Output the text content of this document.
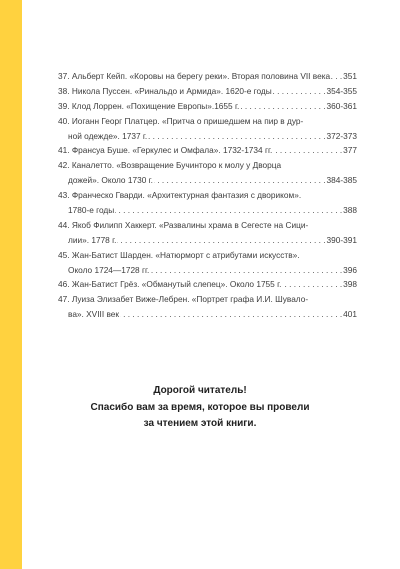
37. Альберт Кейп. «Коровы на берегу реки». Вторая половина VII века . . . 351
38. Никола Пуссен. «Ринальдо и Армида». 1620-е годы . . .	354-355
39. Клод Лоррен. «Похищение Европы».1655 г. . . .	360-361
40. Иоганн Георг Платцер. «Притча о пришедшем на пир в дур-
ной одежде». 1737 г. . . .	372-373
41. Франсуа Буше. «Геркулес и Омфала». 1732-1734 гг. . . .	377
42. Каналетто. «Возвращение Бучинторо к молу у Дворца
дожей». Около 1730 г. . . .	384-385
43. Франческо Гварди. «Архитектурная фантазия с двориком».
1780-е годы . . .	388
44. Якоб Филипп Хаккерт. «Развалины храма в Сегесте на Сици-
лии». 1778 г. . . .	390-391
45. Жан-Батист Шарден. «Натюрморт с атрибутами искусств».
Около 1724—1728 гг. . . .	396
46. Жан-Батист Грёз. «Обманутый слепец». Около 1755 г. . . .	398
47. Луиза Элизабет Виже-Лебрен. «Портрет графа И.И. Шувало-
ва». XVIII век . . .	401
Дорогой читатель!
Спасибо вам за время, которое вы провели
за чтением этой книги.
